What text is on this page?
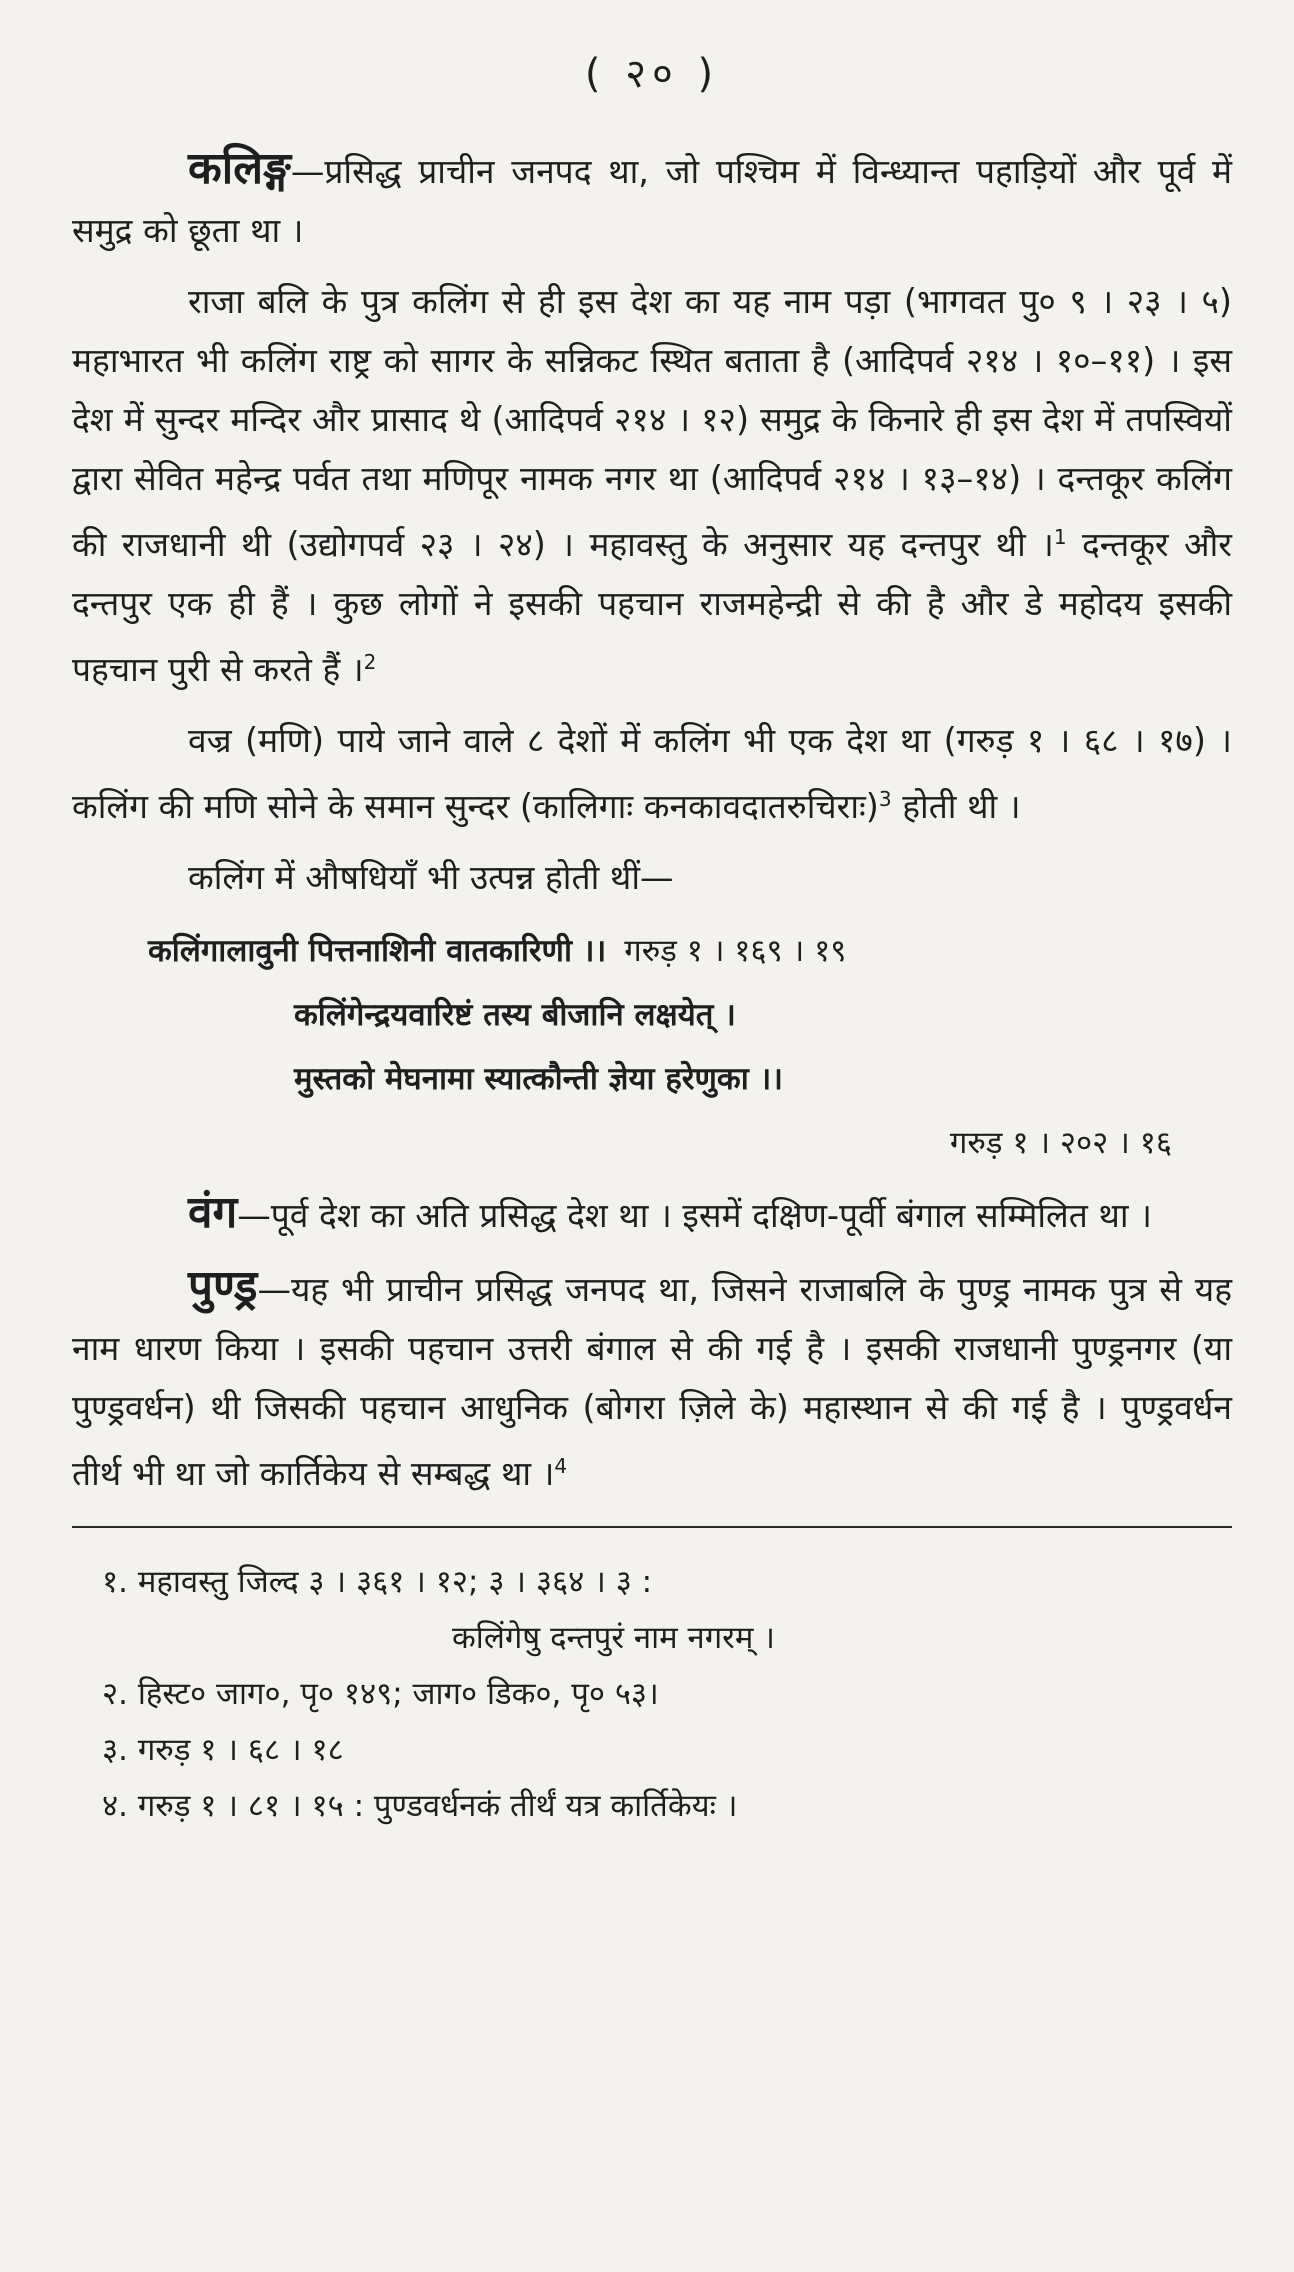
( २० )

कलिङ्ग—प्रसिद्ध प्राचीन जनपद था, जो पश्चिम में विन्ध्यान्त पहाड़ियों और पूर्व में समुद्र को छूता था ।

राजा बलि के पुत्र कलिंग से ही इस देश का यह नाम पड़ा (भागवत पु० ९ । २३ । ५) महाभारत भी कलिंग राष्ट्र को सागर के सन्निकट स्थित बताता है (आदिपर्व २१४ । १०–११) । इस देश में सुन्दर मन्दिर और प्रासाद थे (आदिपर्व २१४ । १२) समुद्र के किनारे ही इस देश में तपस्वियों द्वारा सेवित महेन्द्र पर्वत तथा मणिपूर नामक नगर था (आदिपर्व २१४ । १३–१४) । दन्तकूर कलिंग की राजधानी थी (उद्योगपर्व २३ । २४) । महावस्तु के अनुसार यह दन्तपुर थी ।$^1$ दन्तकूर और दन्तपुर एक ही हैं । कुछ लोगों ने इसकी पहचान राजमहेन्द्री से की है और डे महोदय इसकी पहचान पुरी से करते हैं ।$^2$

वज्र (मणि) पाये जाने वाले ८ देशों में कलिंग भी एक देश था (गरुड़ १ । ६८ । १७) । कलिंग की मणि सोने के समान सुन्दर (कालिगाः कनकावदातरुचिराः)$^3$ होती थी ।

कलिंग में औषधियाँ भी उत्पन्न होती थीं—

कलिंगालावुनी पित्तनाशिनी वातकारिणी ।। गरुड़ १ । १६९ । १९
कलिंगेन्द्रयवारिष्टं तस्य बीजानि लक्षयेत् ।
मुस्तको मेघनामा स्यात्कौन्ती ज्ञेया हरेणुका ।।
गरुड़ १ । २०२ । १६

वंग—पूर्व देश का अति प्रसिद्ध देश था । इसमें दक्षिण-पूर्वी बंगाल सम्मिलित था ।

पुण्ड्र—यह भी प्राचीन प्रसिद्ध जनपद था, जिसने राजाबलि के पुण्ड्र नामक पुत्र से यह नाम धारण किया । इसकी पहचान उत्तरी बंगाल से की गई है । इसकी राजधानी पुण्ड्रनगर (या पुण्ड्रवर्धन) थी जिसकी पहचान आधुनिक (बोगरा ज़िले के) महास्थान से की गई है । पुण्ड्रवर्धन तीर्थ भी था जो कार्तिकेय से सम्बद्ध था ।$^4$

१. महावस्तु जिल्द ३ । ३६१ । १२; ३ । ३६४ । ३ :
कलिंगेषु दन्तपुरं नाम नगरम् ।
२. हिस्ट० जाग०, पृ० १४९; जाग० डिक०, पृ० ५३।
३. गरुड़ १ । ६८ । १८
४. गरुड़ १ । ८१ । १५ : पुण्डवर्धनकं तीर्थं यत्र कार्तिकेयः ।
